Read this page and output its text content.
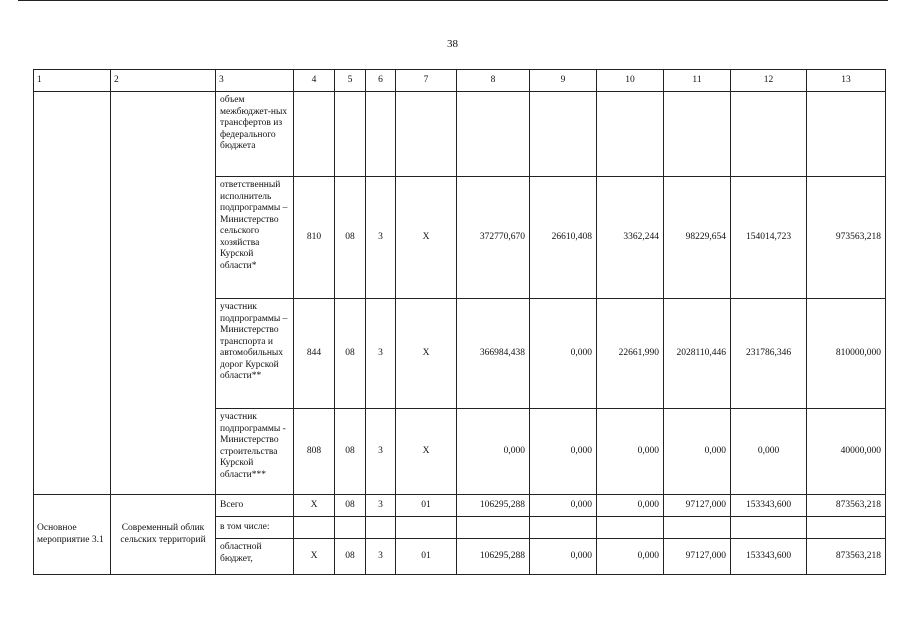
38
1	2	3	4	5	6	7	8	9	10	11	12	13
		объем межбюджет-ных трансфертов из федерального бюджета										
		ответственный исполнитель подпрограммы – Министерство сельского хозяйства Курской области*	810	08	3	Х	372770,670	26610,408	3362,244	98229,654	154014,723	973563,218
		участник подпрограммы – Министерство транспорта и автомобильных дорог Курской области**	844	08	3	Х	366984,438	0,000	22661,990	2028110,446	231786,346	810000,000
		участник подпрограммы - Министерство строительства Курской области***	808	08	3	Х	0,000	0,000	0,000	0,000	0,000	40000,000
Основное мероприятие 3.1	Современный облик сельских территорий	Всего	Х	08	3	01	106295,288	0,000	0,000	97127,000	153343,600	873563,218
		в том числе:										
		областной бюджет,	Х	08	3	01	106295,288	0,000	0,000	97127,000	153343,600	873563,218
